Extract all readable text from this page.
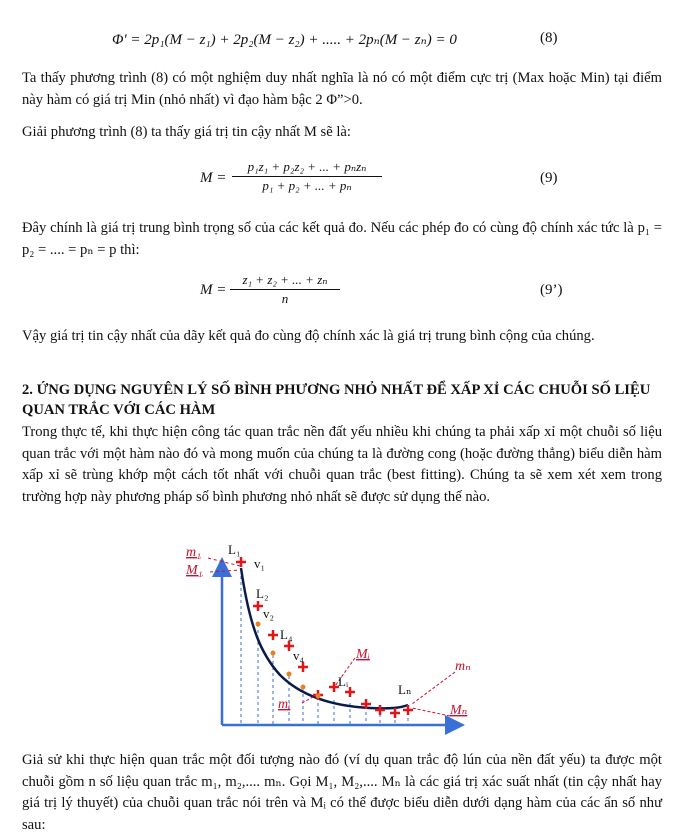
Φ' = 2p₁(M − z₁) + 2p₂(M − z₂) + ..... + 2pₙ(M − zₙ) = 0	(8)

Ta thấy phương trình (8) có một nghiệm duy nhất nghĩa là nó có một điểm cực trị (Max hoặc Min) tại điểm này hàm có giá trị Min (nhỏ nhất) vì đạo hàm bậc 2 Φ”>0.

Giải phương trình (8) ta thấy giá trị tin cậy nhất M sẽ là:

M =
p₁z₁ + p₂z₂ + ... + pₙzₙ
p₁ + p₂ + ... + pₙ	(9)

Đây chính là giá trị trung bình trọng số của các kết quả đo. Nếu các phép đo có cùng độ chính xác tức là p₁ = p₂ = .... = pₙ = p thì:

$M = \frac{\text{z₁ + z₂ + ... + zₙ}}{n}$	(9’)

Vậy giá trị tin cậy nhất của dãy kết quả đo cùng độ chính xác là giá trị trung bình cộng của chúng.

2. ỨNG DỤNG NGUYÊN LÝ SỐ BÌNH PHƯƠNG NHỎ NHẤT ĐỂ XẤP XỈ CÁC CHUỖI SỐ LIỆU QUAN TRẮC VỚI CÁC HÀM

Trong thực tế, khi thực hiện công tác quan trắc nền đất yếu nhiều khi chúng ta phải xấp xỉ một chuỗi số liệu quan trắc với một hàm nào đó và mong muốn của chúng ta là đường cong (hoặc đường thẳng) biểu diễn hàm xấp xỉ sẽ trùng khớp một cách tốt nhất với chuỗi quan trắc (best fitting). Chúng ta sẽ xem xét xem trong trường hợp này phương pháp số bình phương nhỏ nhất sẽ được sử dụng thế nào.

m₁
M₁
L₁
v₁
L₂
v₂
L₄
v₄	Mᵢ
mₙ
Lᵢ
mᵢ
Lₙ
Mₙ

Giả sử khi thực hiện quan trắc một đối tượng nào đó (ví dụ quan trắc độ lún của nền đất yếu) ta được một chuỗi gồm n số liệu quan trắc m₁, m₂,.... mₙ. Gọi M₁, M₂,.... Mₙ là các giá trị xác suất nhất (tin cậy nhất hay giá trị lý thuyết) của chuỗi quan trắc nói trên và Mᵢ có thể được biểu diễn dưới dạng hàm của các ẩn số như sau:
